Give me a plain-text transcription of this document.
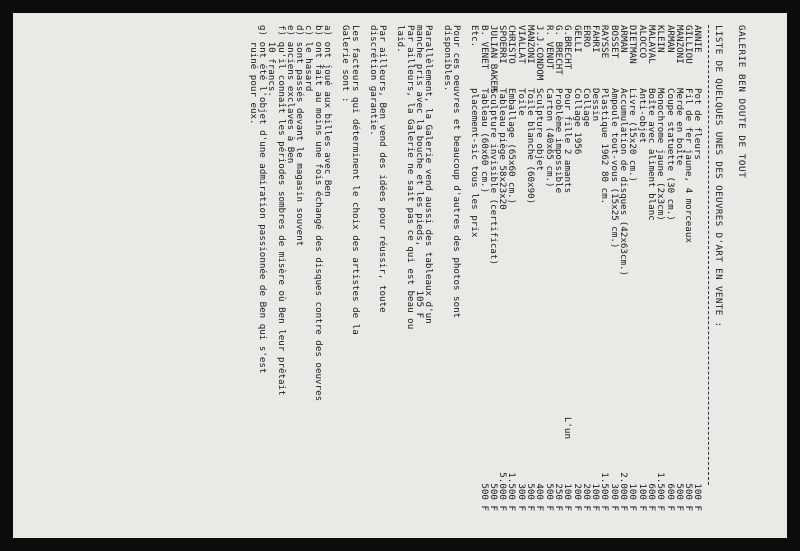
GALERIE BEN DOUTE DE TOUT
LISTE DE QUELQUES UNES DES OEUVRES D'ART EN VENTE :
ANNIE
Pot de fleurs
100 F
GILLIOU
Fil de fer jaune, 4 morceaux
500 F
MANZONI
Merde en boîte
500 F
ARMAN
Coupe statuette (30 cm.)
600 F
KLEIN
Monochrome jaune (2x3cm)
1.500 F
MALAVAL
Boîte avec aliment blanc
600 F
ALOCCO
Anti-objet
100 F
DIETMAN
Livre (15x20 cm.)
100 F
ARMAN
Accumulation de disques (42x63cm.)
2.000 F
BOSSET
Ampoule tout-vous (15x25 cm.)
300 F
RAYSSE
Plastique 1962 80 cm.
1.500 F
FAHRI
Dessin
100 F
ERRO
Collage
200 F
GELLI
Collage 1956
200 F
G.BRECHT
Pour fille 2 amants
L'un
100 F
G. BRECHT
Problème impossible
250 F
R. VENUT
Carton (40x65 cm.)
500 F
J.J.CONDOM
Sculpture objet
400 F
MANZONI
Toile blanche (60x90)
500 F
VIALLAT
Toile
300 F
CHRISTO
Emballage (65x60 cm.)
1.500 F
SPOERRI
Tableau piège 58x23x20
5.000 F
JULIAN BAKER
Sculpture invisible (certificat)
500 F
B. VENET
Tableau (60x60 cm.)
500 F
Etc.
placement-sic tous les prix

Pour ces oeuvres et beaucoup d'autres des photos sont

disponibles.

Parallèlement, la Galerie vend aussi des tableaux d'un

manche pris avec la bouche et les pieds,        105 F

Par ailleurs, la Galerie ne sait pas ce qui est beau ou

laid.

Par ailleurs, Ben vend des idées pour réussir, toute

discrétion garantie.

Les facteurs qui déterminent le choix des artistes de la

Galerie sont :

a) ont joué aux billes avec Ben

b) ont fait au moins une fois échangé des disques contre des oeuvres

c) le hasard

d) sont passés devant le magasin souvent

e) anciens exclaves à Ben

f) qu'il connaît les périodes sombres de misère où Ben leur prêtait

10 francs.

g) ont été l'objet d'une admiration passionnée de Ben qui s'est

ruiné pour eux.
